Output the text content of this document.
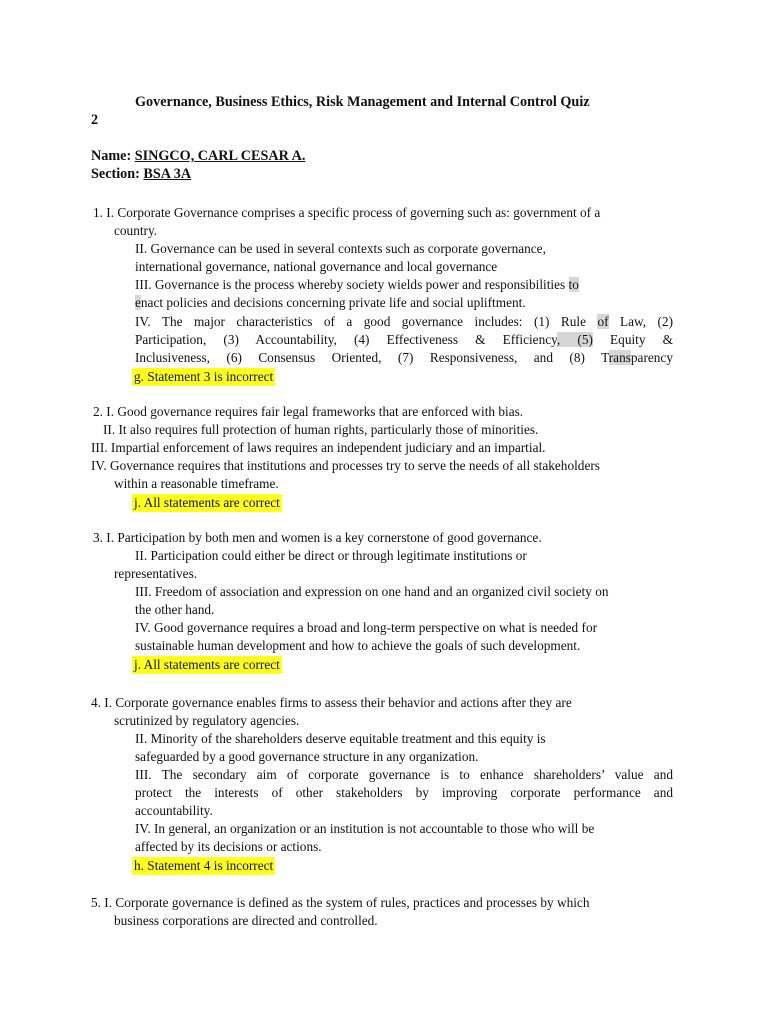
Governance, Business Ethics, Risk Management and Internal Control Quiz
2
Name: SINGCO, CARL CESAR A.
Section: BSA 3A
1. I. Corporate Governance comprises a specific process of governing such as: government of a
country.
II. Governance can be used in several contexts such as corporate governance,
international governance, national governance and local governance
III. Governance is the process whereby society wields power and responsibilities to
enact policies and decisions concerning private life and social upliftment.
IV. The major characteristics of a good governance includes: (1) Rule of Law, (2)
Participation, (3) Accountability, (4) Effectiveness & Efficiency, (5) Equity &
Inclusiveness, (6) Consensus Oriented, (7) Responsiveness, and (8) Transparency
g. Statement 3 is incorrect
2. I. Good governance requires fair legal frameworks that are enforced with bias.
II. It also requires full protection of human rights, particularly those of minorities.
III. Impartial enforcement of laws requires an independent judiciary and an impartial.
IV. Governance requires that institutions and processes try to serve the needs of all stakeholders
within a reasonable timeframe.
j. All statements are correct
3. I. Participation by both men and women is a key cornerstone of good governance.
II. Participation could either be direct or through legitimate institutions or
representatives.
III. Freedom of association and expression on one hand and an organized civil society on
the other hand.
IV. Good governance requires a broad and long-term perspective on what is needed for
sustainable human development and how to achieve the goals of such development.
j. All statements are correct
4. I. Corporate governance enables firms to assess their behavior and actions after they are
scrutinized by regulatory agencies.
II. Minority of the shareholders deserve equitable treatment and this equity is
safeguarded by a good governance structure in any organization.
III. The secondary aim of corporate governance is to enhance shareholders’ value and
protect the interests of other stakeholders by improving corporate performance and
accountability.
IV. In general, an organization or an institution is not accountable to those who will be
affected by its decisions or actions.
h. Statement 4 is incorrect
5. I. Corporate governance is defined as the system of rules, practices and processes by which
business corporations are directed and controlled.
